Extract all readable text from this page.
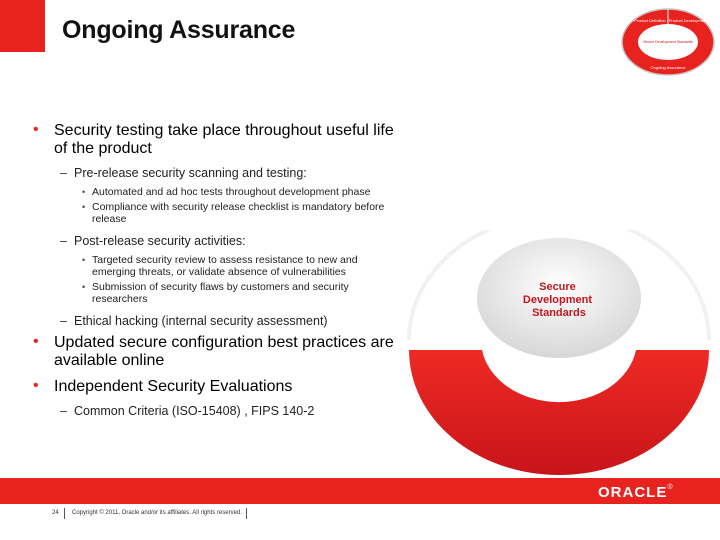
Ongoing Assurance	Product Definition Product Development
Secure Development Standards
Ongoing Assurance
• Security testing take place throughout useful life of the product
– Pre-release security scanning and testing:
• Automated and ad hoc tests throughout development phase
• Compliance with security release checklist is mandatory before release
– Post-release security activities:
• Targeted security review to assess resistance to new and emerging threats, or validate absence of vulnerabilities
• Submission of security flaws by customers and security researchers
– Ethical hacking (internal security assessment)
• Updated secure configuration best practices are available online
• Independent Security Evaluations
– Common Criteria (ISO-15408) , FIPS 140-2
Secure Development Standards
Ongoing Assurance
ORACLE®
24 Copyright © 2011, Oracle and/or its affiliates. All rights reserved.
